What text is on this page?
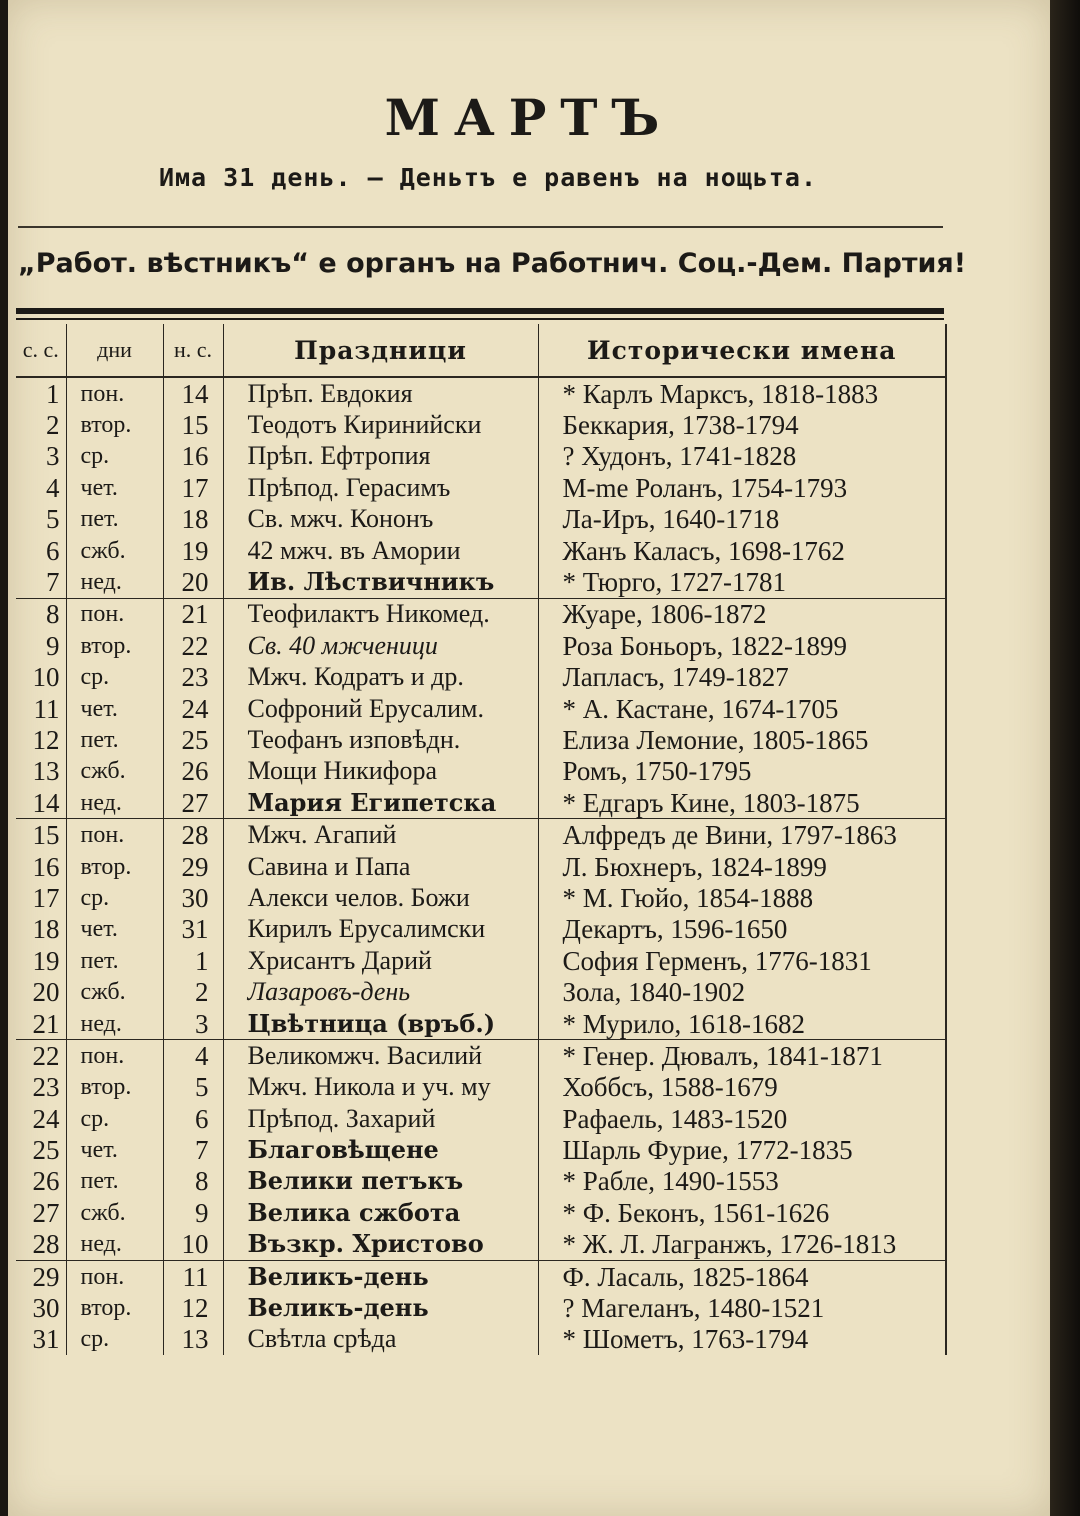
МАРТЪ
Има 31 день. — Деньтъ е равенъ на нощьта.
„Работ. вѣстникъ“ е органъ на Работнич. Соц.-Дем. Партия!
с. с.	дни	н. с.	Праздници	Исторически имена
1	пон.	14	Прѣп. Евдокия	* Карлъ Марксъ, 1818-1883
2	втор.	15	Теодотъ Киринийски	Беккария, 1738-1794
3	ср.	16	Прѣп. Ефтропия	? Худонъ, 1741-1828
4	чет.	17	Прѣпод. Герасимъ	М-me Роланъ, 1754-1793
5	пет.	18	Св. мжч. Кононъ	Ла-Иръ, 1640-1718
6	сжб.	19	42 мжч. въ Амории	Жанъ Каласъ, 1698-1762
7	нед.	20	Ив. Лѣствичникъ	* Тюрго, 1727-1781
8	пон.	21	Теофилактъ Никомед.	Жуаре, 1806-1872
9	втор.	22	Св. 40 мжченици	Роза Боньоръ, 1822-1899
10	ср.	23	Мжч. Кодратъ и др.	Лапласъ, 1749-1827
11	чет.	24	Софроний Ерусалим.	* А. Кастане, 1674-1705
12	пет.	25	Теофанъ изповѣдн.	Елиза Лемоние, 1805-1865
13	сжб.	26	Мощи Никифора	Ромъ, 1750-1795
14	нед.	27	Мария Египетска	* Едгаръ Кине, 1803-1875
15	пон.	28	Мжч. Агапий	Алфредъ де Вини, 1797-1863
16	втор.	29	Савина и Папа	Л. Бюхнеръ, 1824-1899
17	ср.	30	Алекси челов. Божи	* М. Гюйо, 1854-1888
18	чет.	31	Кирилъ Ерусалимски	Декартъ, 1596-1650
19	пет.	1	Хрисантъ Дарий	София Герменъ, 1776-1831
20	сжб.	2	Лазаровъ-день	Зола, 1840-1902
21	нед.	3	Цвѣтница (връб.)	* Мурило, 1618-1682
22	пон.	4	Великомжч. Василий	* Генер. Дювалъ, 1841-1871
23	втор.	5	Мжч. Никола и уч. му	Хоббсъ, 1588-1679
24	ср.	6	Прѣпод. Захарий	Рафаель, 1483-1520
25	чет.	7	Благовѣщене	Шарль Фурие, 1772-1835
26	пет.	8	Велики петъкъ	* Рабле, 1490-1553
27	сжб.	9	Велика сжбота	* Ф. Беконъ, 1561-1626
28	нед.	10	Възкр. Христово	* Ж. Л. Лагранжъ, 1726-1813
29	пон.	11	Великъ-день	Ф. Ласаль, 1825-1864
30	втор.	12	Великъ-день	? Магеланъ, 1480-1521
31	ср.	13	Свѣтла срѣда	* Шометъ, 1763-1794
